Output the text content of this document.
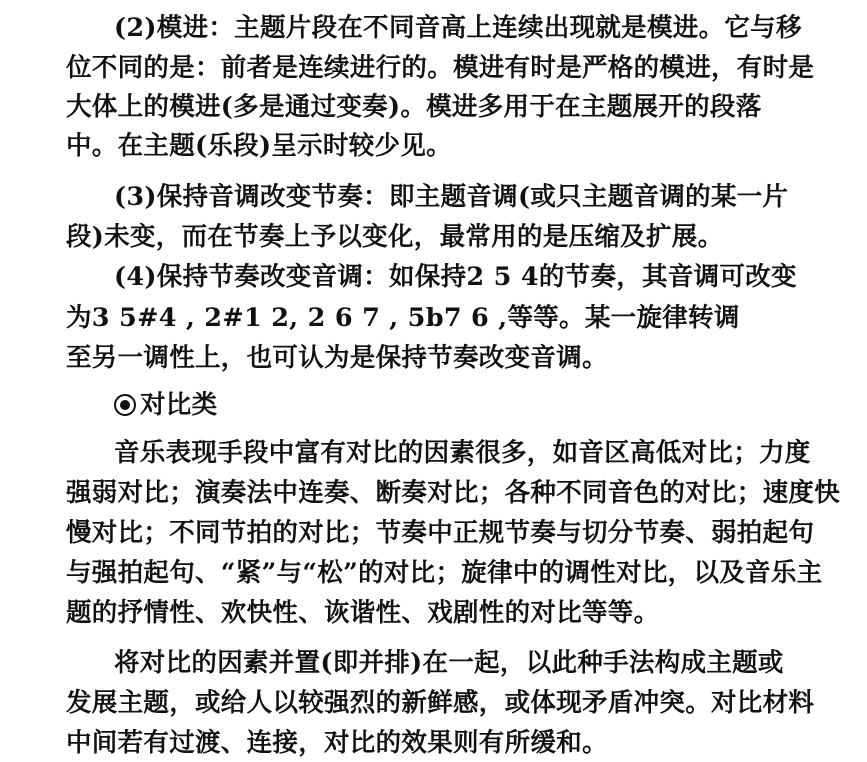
(2)模进：主题片段在不同音高上连续出现就是模进。它与移
位不同的是：前者是连续进行的。模进有时是严格的模进，有时是
大体上的模进(多是通过变奏)。模进多用于在主题展开的段落
中。在主题(乐段)呈示时较少见。
(3)保持音调改变节奏：即主题音调(或只主题音调的某一片
段)未变，而在节奏上予以变化，最常用的是压缩及扩展。
(4)保持节奏改变音调：如保持2 5 4的节奏，其音调可改变
为3 5#4 , 2#1 2, 2 6 7 , 5b7 6 ,等等。某一旋律转调
至另一调性上，也可认为是保持节奏改变音调。
对比类
音乐表现手段中富有对比的因素很多，如音区高低对比；力度
强弱对比；演奏法中连奏、断奏对比；各种不同音色的对比；速度快
慢对比；不同节拍的对比；节奏中正规节奏与切分节奏、弱拍起句
与强拍起句、“紧”与“松”的对比；旋律中的调性对比，以及音乐主
题的抒情性、欢快性、诙谐性、戏剧性的对比等等。
将对比的因素并置(即并排)在一起，以此种手法构成主题或
发展主题，或给人以较强烈的新鲜感，或体现矛盾冲突。对比材料
中间若有过渡、连接，对比的效果则有所缓和。
